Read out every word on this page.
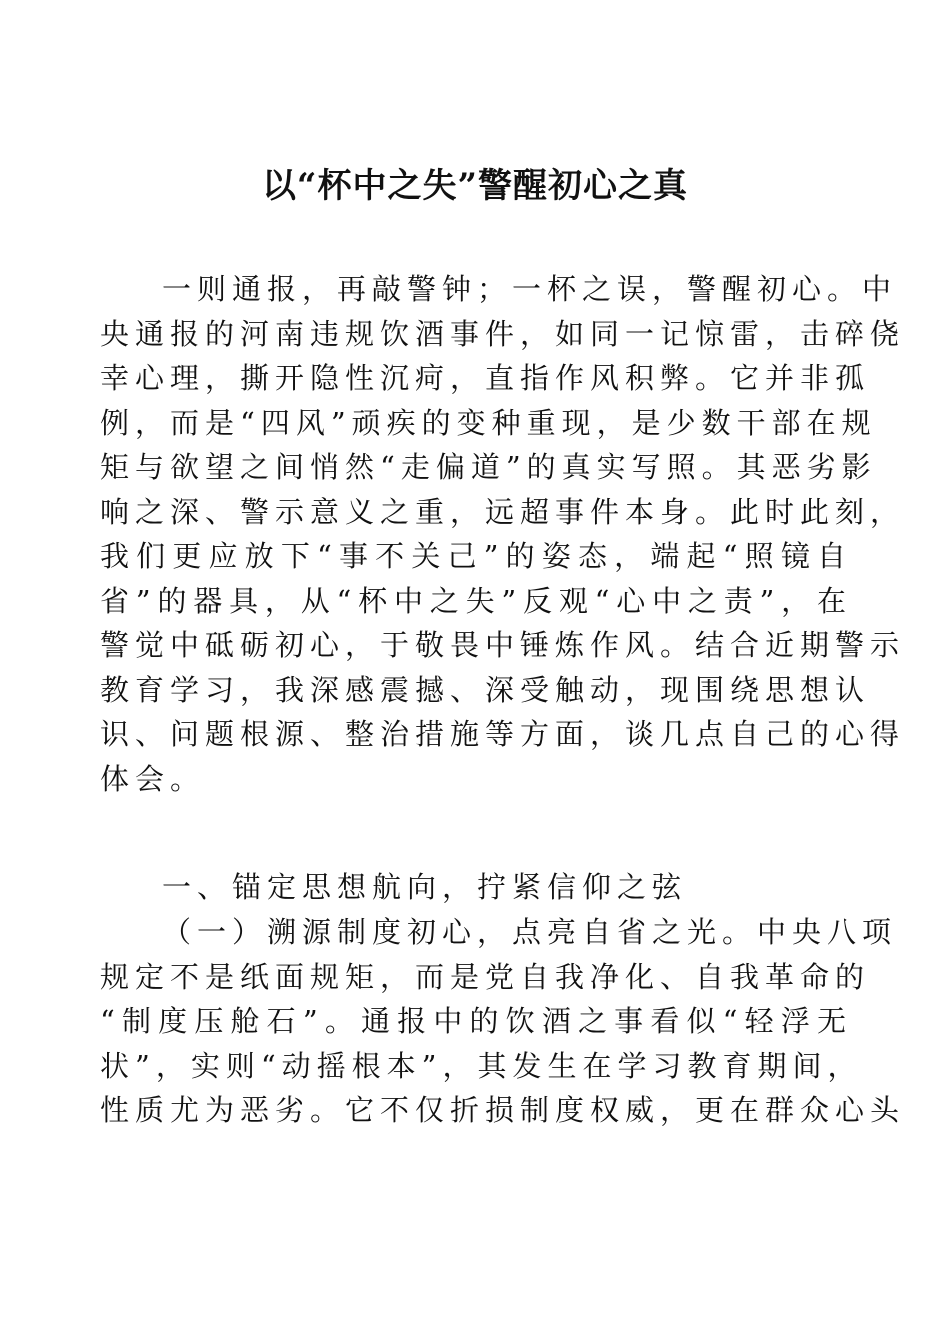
以“杯中之失”警醒初心之真
一则通报，再敲警钟；一杯之误，警醒初心。中
央通报的河南违规饮酒事件，如同一记惊雷，击碎侥
幸心理，撕开隐性沉疴，直指作风积弊。它并非孤
例，而是“四风”顽疾的变种重现，是少数干部在规
矩与欲望之间悄然“走偏道”的真实写照。其恶劣影
响之深、警示意义之重，远超事件本身。此时此刻，
我们更应放下“事不关己”的姿态，端起“照镜自
省”的器具，从“杯中之失”反观“心中之责”，在
警觉中砥砺初心，于敬畏中锤炼作风。结合近期警示
教育学习，我深感震撼、深受触动，现围绕思想认
识、问题根源、整治措施等方面，谈几点自己的心得
体会。
一、锚定思想航向，拧紧信仰之弦
（一）溯源制度初心，点亮自省之光。中央八项
规定不是纸面规矩，而是党自我净化、自我革命的
“制度压舱石”。通报中的饮酒之事看似“轻浮无
状”，实则“动摇根本”，其发生在学习教育期间，
性质尤为恶劣。它不仅折损制度权威，更在群众心头
